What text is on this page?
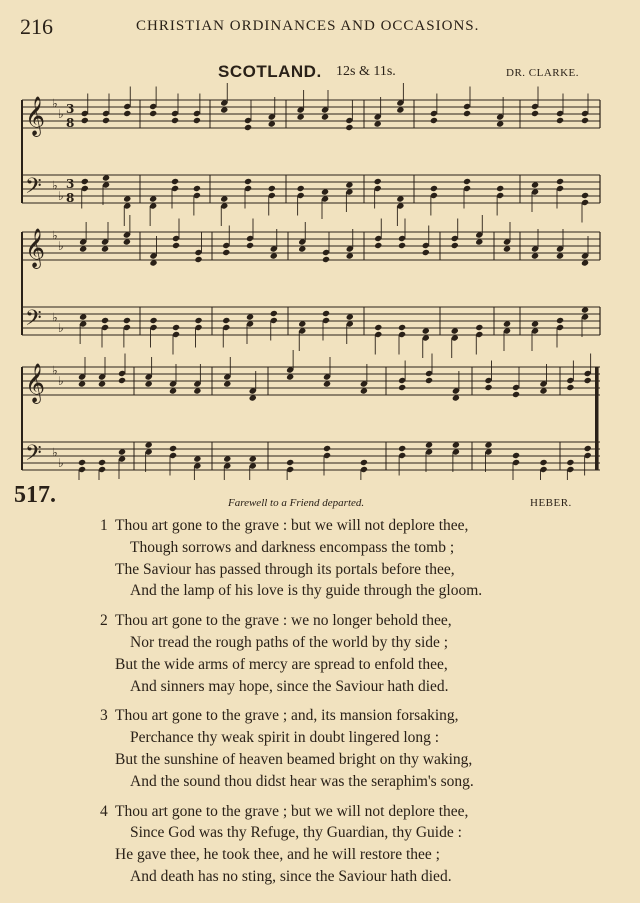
216	CHRISTIAN ORDINANCES AND OCCASIONS.
SCOTLAND. 12s & 11s.	DR. CLARKE.
𝄞 ♭
♭ 3
8
𝄢 ♭
♭
3
8
𝄞 ♭
♭
𝄢 ♭
♭
𝄞 ♭
♭
𝄢 ♭
♭
517.	Farewell to a Friend departed.	HEBER.
1 Thou art gone to the grave : but we will not deplore thee,
Though sorrows and darkness encompass the tomb ;
The Saviour has passed through its portals before thee,
And the lamp of his love is thy guide through the gloom.
2 Thou art gone to the grave : we no longer behold thee,
Nor tread the rough paths of the world by thy side ;
But the wide arms of mercy are spread to enfold thee,
And sinners may hope, since the Saviour hath died.
3 Thou art gone to the grave ; and, its mansion forsaking,
Perchance thy weak spirit in doubt lingered long :
But the sunshine of heaven beamed bright on thy waking,
And the sound thou didst hear was the seraphim's song.
4 Thou art gone to the grave ; but we will not deplore thee,
Since God was thy Refuge, thy Guardian, thy Guide :
He gave thee, he took thee, and he will restore thee ;
And death has no sting, since the Saviour hath died.
